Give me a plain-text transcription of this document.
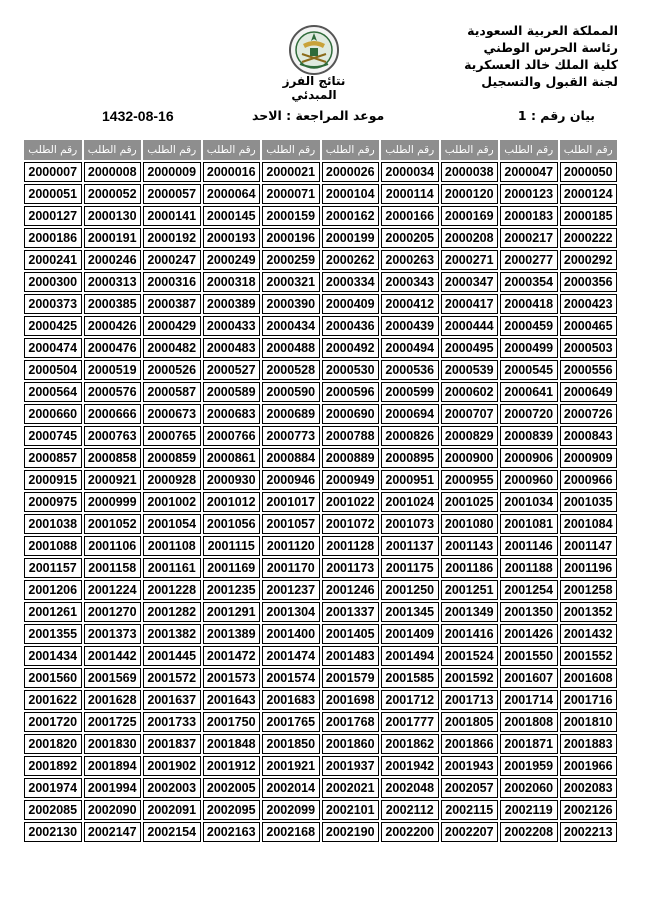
المملكة العربية السعودية
رئاسة الحرس الوطني
كلية الملك خالد العسكرية
لجنة القبول والتسجيل
نتائج الفرز المبدئي
بيان رقم : 1
موعد المراجعة : الاحد
1432-08-16
رقم الطلب	رقم الطلب	رقم الطلب	رقم الطلب	رقم الطلب	رقم الطلب	رقم الطلب	رقم الطلب	رقم الطلب	رقم الطلب
2000007	2000008	2000009	2000016	2000021	2000026	2000034	2000038	2000047	2000050
2000051	2000052	2000057	2000064	2000071	2000104	2000114	2000120	2000123	2000124
2000127	2000130	2000141	2000145	2000159	2000162	2000166	2000169	2000183	2000185
2000186	2000191	2000192	2000193	2000196	2000199	2000205	2000208	2000217	2000222
2000241	2000246	2000247	2000249	2000259	2000262	2000263	2000271	2000277	2000292
2000300	2000313	2000316	2000318	2000321	2000334	2000343	2000347	2000354	2000356
2000373	2000385	2000387	2000389	2000390	2000409	2000412	2000417	2000418	2000423
2000425	2000426	2000429	2000433	2000434	2000436	2000439	2000444	2000459	2000465
2000474	2000476	2000482	2000483	2000488	2000492	2000494	2000495	2000499	2000503
2000504	2000519	2000526	2000527	2000528	2000530	2000536	2000539	2000545	2000556
2000564	2000576	2000587	2000589	2000590	2000596	2000599	2000602	2000641	2000649
2000660	2000666	2000673	2000683	2000689	2000690	2000694	2000707	2000720	2000726
2000745	2000763	2000765	2000766	2000773	2000788	2000826	2000829	2000839	2000843
2000857	2000858	2000859	2000861	2000884	2000889	2000895	2000900	2000906	2000909
2000915	2000921	2000928	2000930	2000946	2000949	2000951	2000955	2000960	2000966
2000975	2000999	2001002	2001012	2001017	2001022	2001024	2001025	2001034	2001035
2001038	2001052	2001054	2001056	2001057	2001072	2001073	2001080	2001081	2001084
2001088	2001106	2001108	2001115	2001120	2001128	2001137	2001143	2001146	2001147
2001157	2001158	2001161	2001169	2001170	2001173	2001175	2001186	2001188	2001196
2001206	2001224	2001228	2001235	2001237	2001246	2001250	2001251	2001254	2001258
2001261	2001270	2001282	2001291	2001304	2001337	2001345	2001349	2001350	2001352
2001355	2001373	2001382	2001389	2001400	2001405	2001409	2001416	2001426	2001432
2001434	2001442	2001445	2001472	2001474	2001483	2001494	2001524	2001550	2001552
2001560	2001569	2001572	2001573	2001574	2001579	2001585	2001592	2001607	2001608
2001622	2001628	2001637	2001643	2001683	2001698	2001712	2001713	2001714	2001716
2001720	2001725	2001733	2001750	2001765	2001768	2001777	2001805	2001808	2001810
2001820	2001830	2001837	2001848	2001850	2001860	2001862	2001866	2001871	2001883
2001892	2001894	2001902	2001912	2001921	2001937	2001942	2001943	2001959	2001966
2001974	2001994	2002003	2002005	2002014	2002021	2002048	2002057	2002060	2002083
2002085	2002090	2002091	2002095	2002099	2002101	2002112	2002115	2002119	2002126
2002130	2002147	2002154	2002163	2002168	2002190	2002200	2002207	2002208	2002213
